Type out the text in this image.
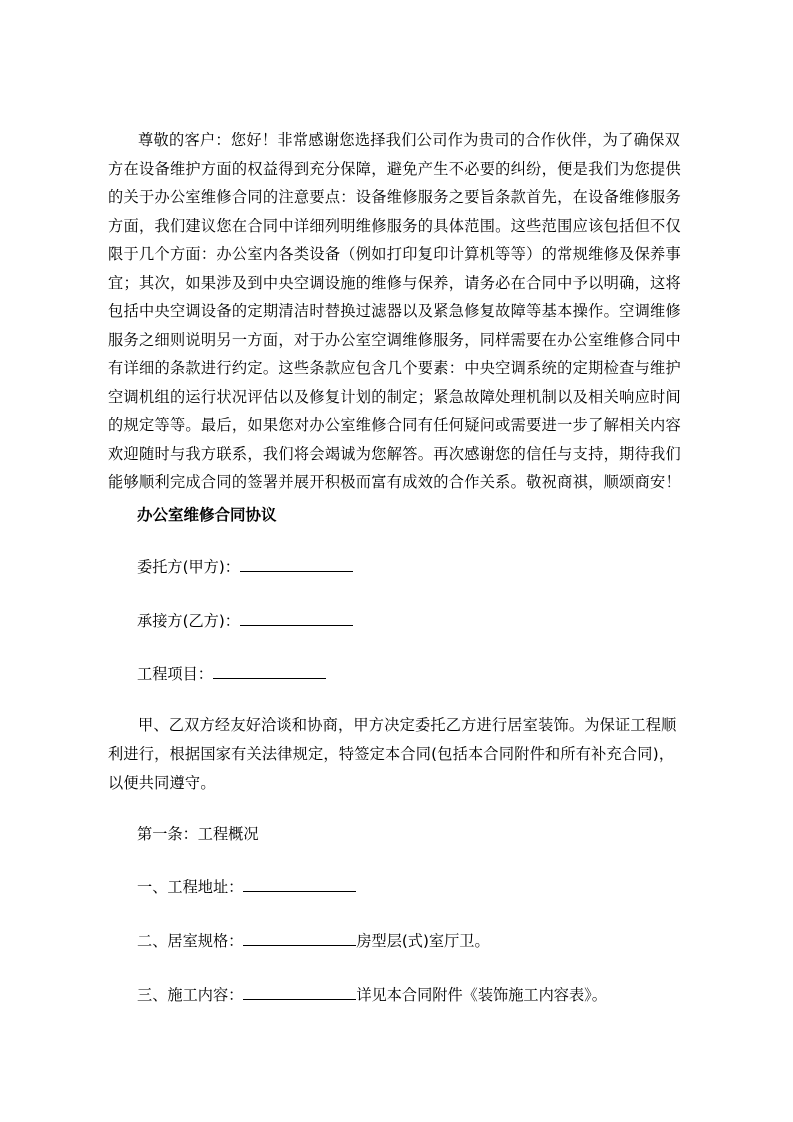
尊敬的客户：您好！非常感谢您选择我们公司作为贵司的合作伙伴，为了确保双
方在设备维护方面的权益得到充分保障，避免产生不必要的纠纷，便是我们为您提供
的关于办公室维修合同的注意要点：设备维修服务之要旨条款首先，在设备维修服务
方面，我们建议您在合同中详细列明维修服务的具体范围。这些范围应该包括但不仅
限于几个方面：办公室内各类设备（例如打印复印计算机等等）的常规维修及保养事
宜；其次，如果涉及到中央空调设施的维修与保养，请务必在合同中予以明确，这将
包括中央空调设备的定期清洁时替换过滤器以及紧急修复故障等基本操作。空调维修
服务之细则说明另一方面，对于办公室空调维修服务，同样需要在办公室维修合同中
有详细的条款进行约定。这些条款应包含几个要素：中央空调系统的定期检查与维护
空调机组的运行状况评估以及修复计划的制定；紧急故障处理机制以及相关响应时间
的规定等等。最后，如果您对办公室维修合同有任何疑问或需要进一步了解相关内容
欢迎随时与我方联系，我们将会竭诚为您解答。再次感谢您的信任与支持，期待我们
能够顺利完成合同的签署并展开积极而富有成效的合作关系。敬祝商祺，顺颂商安！
办公室维修合同协议
委托方(甲方)：
承接方(乙方)：
工程项目：
甲、乙双方经友好洽谈和协商，甲方决定委托乙方进行居室装饰。为保证工程顺
利进行，根据国家有关法律规定，特签定本合同(包括本合同附件和所有补充合同)，
以便共同遵守。
第一条：工程概况
一、工程地址：
二、居室规格：	房型层(式)室厅卫。
三、施工内容：	详见本合同附件《装饰施工内容表》。
